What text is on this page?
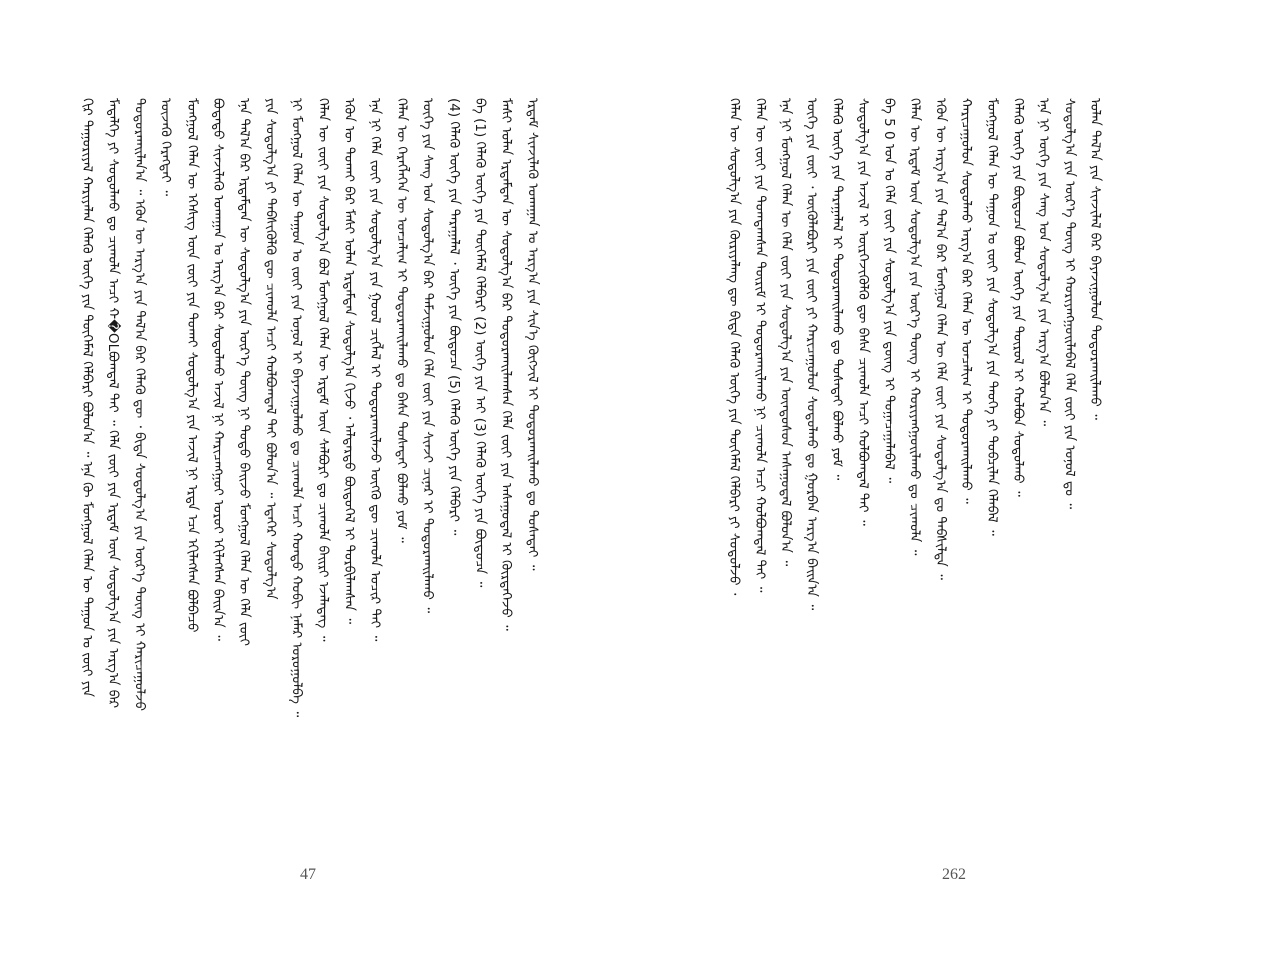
ᠬᠢᠷ ᠳᠠᠭᠤᠷᠢᠶᠠᠯ ᠬᠠᠷᠢᠶᠠᠯᠠᠨ ᠬᠡᠯᠡᠬᠦ ᠦᠭᠡ ᠶᠢᠨ ᠲᠦᠭᠡᠮᠡᠯ ᠬᠡᠯᠪᠡᠷᠢ ᠪᠣᠯᠤᠨ᠎ᠠ ᠃ ᠡᠨᠡ ᠬᠦ ᠮᠣᠩᠭᠣᠯ ᠬᠡᠯᠡᠨ ᠦ ᠳᠠᠭᠤᠨ ᠤ ᠵᠦᠢ ᠶᠢᠨ ᠮᠡᠳᠡᠯᠭᠡ ᠶᠢ ᠰᠤᠳᠤᠯᠬᠤ ᠳᠤ ᠴᠢᠬᠤᠯᠠ ᠠᠴᠢ ᠬ�OLᠪᠣᠭᠳᠠᠯ ᠲᠠᠢ ᠃ ᠬᠡᠯᠡ ᠵᠦᠢ ᠶᠢᠨ ᠡᠷᠳᠡᠮ ᠦᠨ ᠰᠤᠳᠤᠯᠭ᠎ᠠ ᠶᠢᠨ ᠠᠷᠭ᠎ᠠ ᠪᠠᠷ ᠲᠣᠳᠣᠷᠬᠠᠢᠯᠠᠨ᠎ᠠ ᠃ ᠡᠭᠦᠨ ᠦ ᠠᠷᠭ᠎ᠠ ᠶᠢᠨ ᠲᠠᠯ᠎ᠠ ᠪᠠᠷ ᠬᠡᠯᠡᠬᠦ ᠳᠦ ᠂ ᠪᠢᠳᠡ ᠰᠤᠳᠤᠯᠭ᠎ᠠ ᠶᠢᠨ ᠦᠷ᠎ᠡ ᠳᠦᠩ ᠢ ᠬᠠᠷᠢᠴᠠᠭᠤᠯᠵᠤ ᠦᠵᠡᠬᠦ ᠬᠡᠷᠡᠭᠲᠡᠢ ᠃ ᠮᠣᠩᠭᠣᠯ ᠬᠡᠯᠡᠨ ᠦ ᠡᠭᠡᠰᠢᠭ ᠦᠨ ᠵᠦᠢ ᠶᠢᠨ ᠲᠤᠬᠠᠢ ᠰᠤᠳᠤᠯᠭ᠎ᠠ ᠶᠢᠨ ᠠᠵᠢᠯ ᠨᠢ ᠡᠷᠲᠡ ᠡᠴᠡ ᠡᠬᠢᠯᠡᠭᠰᠡᠨ ᠪᠣᠯᠪᠠᠴᠤ ᠪᠣᠳᠠᠲᠤ ᠰᠢᠨᠵᠢᠯᠡᠬᠦ ᠤᠬᠠᠭᠠᠨ ᠤ ᠠᠷᠭ᠎ᠠ ᠪᠠᠷ ᠰᠤᠳᠤᠯᠬᠤ ᠠᠵᠢᠯ ᠨᠢ ᠬᠠᠷᠢᠴᠠᠩᠭᠤᠢ ᠣᠷᠣᠢ ᠡᠬᠢᠯᠡᠭᠰᠡᠨ ᠪᠠᠢᠨ᠎ᠠ ᠃ ᠡᠨᠡ ᠲᠠᠯ᠎ᠠ ᠪᠠᠷ ᠡᠷᠳᠡᠮᠲᠡᠨ ᠦ ᠰᠤᠳᠤᠯᠭ᠎ᠠ ᠶᠢᠨ ᠦᠷ᠎ᠡ ᠳᠦᠩ ᠨᠢ ᠲᠣᠳᠣ ᠪᠠᠢᠵᠤ ᠮᠣᠩᠭᠣᠯ ᠬᠡᠯᠡᠨ ᠦ ᠬᠡᠯᠡ ᠵᠦᠢ ᠶᠢᠨ ᠰᠤᠳᠤᠯᠭ᠎ᠠ ᠶᠢ ᠳᠡᠪᠰᠢᠭᠦᠯᠬᠦ ᠳᠦ ᠴᠢᠬᠤᠯᠠ ᠠᠴᠢ ᠬᠣᠯᠪᠣᠭᠳᠠᠯ ᠲᠠᠢ ᠪᠣᠯᠤᠨ᠎ᠠ ᠃ ᠡᠳᠡᠭᠡᠷ ᠰᠤᠳᠤᠯᠭ᠎ᠠ ᠨᠢ ᠮᠣᠩᠭᠣᠯ ᠬᠡᠯᠡᠨ ᠦ ᠳᠠᠭᠤᠨ ᠤ ᠵᠦᠢ ᠶᠢᠨ ᠣᠨᠣᠯ ᠢ ᠪᠠᠶᠠᠵᠢᠭᠤᠯᠬᠤ ᠳᠤ ᠴᠢᠬᠤᠯᠠ ᠠᠴᠢ ᠬᠤᠨᠳᠤ ᠬᠤᠪᠢ ᠨᠡᠮᠡᠷ ᠣᠷᠤᠭᠤᠯᠪᠠ ᠃ ᠬᠡᠯᠡᠨ ᠦ ᠵᠦᠢ ᠶᠢᠨ ᠰᠤᠳᠤᠯᠭ᠎ᠠ ᠪᠣᠯ ᠮᠣᠩᠭᠣᠯ ᠬᠡᠯᠡᠨ ᠦ ᠡᠷᠳᠡᠮ ᠦᠨ ᠰᠠᠯᠪᠤᠷᠢ ᠳᠤ ᠴᠢᠬᠤᠯᠠ ᠪᠠᠢᠷᠢ ᠡᠵᠡᠯᠡᠳᠡᠭ ᠃ ᠡᠭᠦᠨ ᠦ ᠲᠤᠬᠠᠢ ᠪᠠᠷ ᠮᠠᠰᠢ ᠣᠯᠠᠨ ᠡᠷᠳᠡᠮᠲᠡᠨ ᠰᠤᠳᠤᠯᠭ᠎ᠠ ᠬᠢᠵᠦ ᠂ ᠠᠯᠳᠠᠷᠲᠤ ᠪᠦᠲᠦᠭᠡᠯ ᠢ ᠲᠤᠷᠪᠢᠯᠠᠭᠰᠠᠨ ᠃ ᠡᠨᠡ ᠨᠢ ᠬᠡᠯᠡ ᠵᠦᠢ ᠶᠢᠨ ᠰᠤᠳᠤᠯᠭ᠎ᠠ ᠶᠢᠨ ᠭᠣᠣᠯ ᠴᠢᠭᠯᠡᠯ ᠢ ᠲᠣᠳᠣᠷᠬᠠᠢᠯᠠᠵᠤ ᠦᠭᠬᠦ ᠳᠦ ᠴᠢᠬᠤᠯᠠ ᠤᠴᠢᠷ ᠲᠠᠢ ᠃ ᠬᠡᠯᠡᠨ ᠦ ᠬᠡᠷᠡᠭᠯᠡᠭᠡᠨ ᠦ ᠣᠨᠴᠠᠯᠢᠭ ᠢ ᠲᠣᠳᠣᠷᠬᠠᠢᠯᠠᠬᠤ ᠳᠤ ᠪᠠᠰᠠ ᠲᠤᠰᠠᠲᠠᠢ ᠪᠣᠯᠬᠤ ᠶᠤᠮ ᠃ ᠦᠭᠡ ᠶᠢᠨ ᠰᠠᠩ ᠤᠨ ᠰᠤᠳᠤᠯᠭ᠎ᠠ ᠪᠠᠷ ᠳᠠᠮᠵᠢᠭᠤᠯᠤᠨ ᠬᠡᠯᠡ ᠵᠦᠢ ᠶᠢᠨ ᠰᠢᠨᠵᠢ ᠴᠢᠨᠠᠷ ᠢ ᠲᠣᠳᠣᠷᠬᠠᠢᠯᠠᠬᠤ ᠃ (4) ᠬᠡᠯᠡᠬᠦ ᠦᠭᠡ ᠶᠢᠨ ᠳᠠᠷᠠᠭᠠᠯᠠᠯ ᠂ ᠦᠭᠡ ᠶᠢᠨ ᠪᠦᠲᠦᠴᠡ (5) ᠬᠡᠯᠡᠬᠦ ᠦᠭᠡ ᠶᠢᠨ ᠬᠡᠯᠪᠡᠷᠢ ᠃ ᠪᠠ (1) ᠬᠡᠯᠡᠬᠦ ᠦᠭᠡ ᠶᠢᠨ ᠲᠦᠭᠡᠮᠡᠯ ᠬᠡᠯᠪᠡᠷᠢ (2) ᠦᠭᠡ ᠶᠢᠨ ᠠᠢ (3) ᠬᠡᠯᠡᠬᠦ ᠦᠭᠡ ᠶᠢᠨ ᠪᠦᠲᠦᠴᠡ ᠃ ᠮᠠᠰᠢ ᠣᠯᠠᠨ ᠡᠷᠳᠡᠮᠲᠡᠨ ᠦ ᠰᠤᠳᠤᠯᠭ᠎ᠠ ᠪᠠᠷ ᠲᠣᠳᠣᠷᠬᠠᠢᠯᠠᠭᠰᠠᠨ ᠬᠡᠯᠡ ᠵᠦᠢ ᠶᠢᠨ ᠠᠰᠠᠭᠤᠳᠠᠯ ᠢ ᠬᠦᠷᠲᠡᠭᠡᠵᠦ ᠃ ᠡᠷᠳᠡᠮ ᠰᠢᠨᠵᠢᠯᠡᠬᠦ ᠤᠬᠠᠭᠠᠨ ᠤ ᠠᠷᠭ᠎ᠠ ᠶᠢᠨ ᠰᠢᠨ᠎ᠡ ᠬᠥᠭᠵᠢᠯ ᠢ ᠲᠣᠳᠣᠷᠬᠠᠢᠯᠠᠬᠤ ᠳᠤ ᠲᠤᠰᠠᠲᠠᠢ ᠃
47
ᠬᠡᠯᠡᠨ ᠦ ᠰᠤᠳᠤᠯᠭ᠎ᠠ ᠶᠢᠨ ᠬᠦᠷᠢᠶᠡᠯᠡᠩ ᠳᠦ ᠪᠢᠳᠡ ᠬᠡᠯᠡᠬᠦ ᠦᠭᠡ ᠶᠢᠨ ᠲᠦᠭᠡᠮᠡᠯ ᠬᠡᠯᠪᠡᠷᠢ ᠶᠢ ᠰᠤᠳᠤᠯᠵᠤ ᠂ ᠬᠡᠯᠡᠨ ᠦ ᠵᠦᠢ ᠶᠢᠨ ᠲᠣᠭᠲᠠᠭᠰᠠᠨ ᠳᠦᠷᠢᠮ ᠢ ᠲᠣᠳᠣᠷᠬᠠᠢᠯᠠᠬᠤ ᠨᠢ ᠴᠢᠬᠤᠯᠠ ᠠᠴᠢ ᠬᠣᠯᠪᠣᠭᠳᠠᠯ ᠲᠠᠢ ᠃ ᠡᠨᠡ ᠨᠢ ᠮᠣᠩᠭᠣᠯ ᠬᠡᠯᠡᠨ ᠦ ᠬᠡᠯᠡ ᠵᠦᠢ ᠶᠢᠨ ᠰᠤᠳᠤᠯᠭ᠎ᠠ ᠶᠢᠨ ᠦᠨᠳᠦᠰᠦᠨ ᠠᠰᠠᠭᠤᠳᠠᠯ ᠪᠣᠯᠤᠨ᠎ᠠ ᠃ ᠦᠭᠡ ᠶᠢᠨ ᠵᠦᠢ ᠂ ᠥᠭᠦᠯᠡᠪᠦᠷᠢ ᠶᠢᠨ ᠵᠦᠢ ᠶᠢ ᠬᠠᠷᠢᠴᠠᠭᠤᠯᠤᠨ ᠰᠤᠳᠤᠯᠬᠤ ᠳᠤ ᠭᠤᠷᠪᠠᠨ ᠠᠷᠭ᠎ᠠ ᠪᠠᠢᠨ᠎ᠠ ᠃ ᠬᠡᠯᠡᠬᠦ ᠦᠭᠡ ᠶᠢᠨ ᠳᠠᠷᠠᠭᠠᠯᠠᠯ ᠢ ᠲᠣᠳᠣᠷᠬᠠᠢᠯᠠᠬᠤ ᠳᠤ ᠲᠤᠰᠠᠲᠠᠢ ᠪᠣᠯᠬᠤ ᠶᠤᠮ ᠃ ᠰᠤᠳᠤᠯᠭ᠎ᠠ ᠶᠢᠨ ᠠᠵᠢᠯ ᠢ ᠥᠷᠭᠡᠵᠢᠭᠦᠯᠬᠦ ᠳᠦ ᠪᠠᠰᠠ ᠴᠢᠬᠤᠯᠠ ᠠᠴᠢ ᠬᠣᠯᠪᠣᠭᠳᠠᠯ ᠲᠠᠢ ᠃ ᠪᠠ 5 0 ᠣᠨ ᠤ ᠬᠡᠯᠡ ᠵᠦᠢ ᠶᠢᠨ ᠰᠤᠳᠤᠯᠭ᠎ᠠ ᠶᠢᠨ ᠳ᠋ᠦᠩ ᠢ ᠲᠣᠭᠠᠴᠠᠭᠠᠯᠠᠪᠠᠯ ᠃ ᠬᠡᠯᠡᠨ ᠦ ᠡᠷᠳᠡᠮ ᠦᠨ ᠰᠤᠳᠤᠯᠭ᠎ᠠ ᠶᠢᠨ ᠦᠷ᠎ᠡ ᠳᠦᠩ ᠢ ᠬᠤᠷᠢᠶᠠᠩᠭᠤᠢᠯᠠᠬᠤ ᠳᠤ ᠴᠢᠬᠤᠯᠠ ᠃ ᠡᠭᠦᠨ ᠦ ᠠᠷᠭ᠎ᠠ ᠶᠢᠨ ᠲᠠᠯ᠎ᠠ ᠪᠠᠷ ᠮᠣᠩᠭᠣᠯ ᠬᠡᠯᠡᠨ ᠦ ᠬᠡᠯᠡ ᠵᠦᠢ ᠶᠢᠨ ᠰᠤᠳᠤᠯᠭ᠎ᠠ ᠳᠤ ᠳᠡᠪᠰᠢᠯᠲᠡ ᠃ ᠬᠠᠷᠢᠴᠠᠭᠤᠯᠤᠨ ᠰᠤᠳᠤᠯᠬᠤ ᠠᠷᠭ᠎ᠠ ᠪᠠᠷ ᠬᠡᠯᠡᠨ ᠦ ᠣᠨᠴᠠᠯᠢᠭ ᠢ ᠲᠣᠳᠣᠷᠬᠠᠢᠯᠠᠬᠤ ᠃ ᠮᠣᠩᠭᠣᠯ ᠬᠡᠯᠡᠨ ᠦ ᠳᠠᠭᠤᠨ ᠤ ᠵᠦᠢ ᠶᠢᠨ ᠰᠤᠳᠤᠯᠭ᠎ᠠ ᠶᠢᠨ ᠲᠡᠦᠬᠡ ᠶᠢ ᠲᠣᠪᠴᠢᠯᠠᠨ ᠬᠡᠯᠡᠪᠡᠯ ᠃ ᠬᠡᠯᠡᠬᠦ ᠦᠭᠡ ᠶᠢᠨ ᠪᠦᠲᠦᠴᠡ ᠪᠣᠯᠤᠨ ᠦᠭᠡ ᠶᠢᠨ ᠲᠦᠷᠦᠯ ᠢ ᠬᠣᠯᠪᠣᠨ ᠰᠤᠳᠤᠯᠬᠤ ᠃ ᠡᠨᠡ ᠨᠢ ᠦᠭᠡ ᠶᠢᠨ ᠰᠠᠩ ᠤᠨ ᠰᠤᠳᠤᠯᠭ᠎ᠠ ᠶᠢᠨ ᠠᠷᠭ᠎ᠠ ᠪᠣᠯᠤᠨ᠎ᠠ ᠃ ᠰᠤᠳᠤᠯᠭ᠎ᠠ ᠶᠢᠨ ᠦᠷ᠎ᠡ ᠳᠦᠩ ᠢ ᠬᠤᠷᠢᠶᠠᠩᠭᠤᠢᠯᠠᠪᠠᠯ ᠬᠡᠯᠡ ᠵᠦᠢ ᠶᠢᠨ ᠣᠨᠣᠯ ᠳᠤ ᠃ ᠣᠯᠠᠨ ᠲᠠᠯ᠎ᠠ ᠶᠢᠨ ᠰᠢᠨᠵᠢᠯᠡᠯ ᠪᠠᠷ ᠪᠠᠶᠠᠵᠢᠭᠤᠯᠤᠨ ᠲᠣᠳᠣᠷᠬᠠᠢᠯᠠᠬᠤ ᠃
262
